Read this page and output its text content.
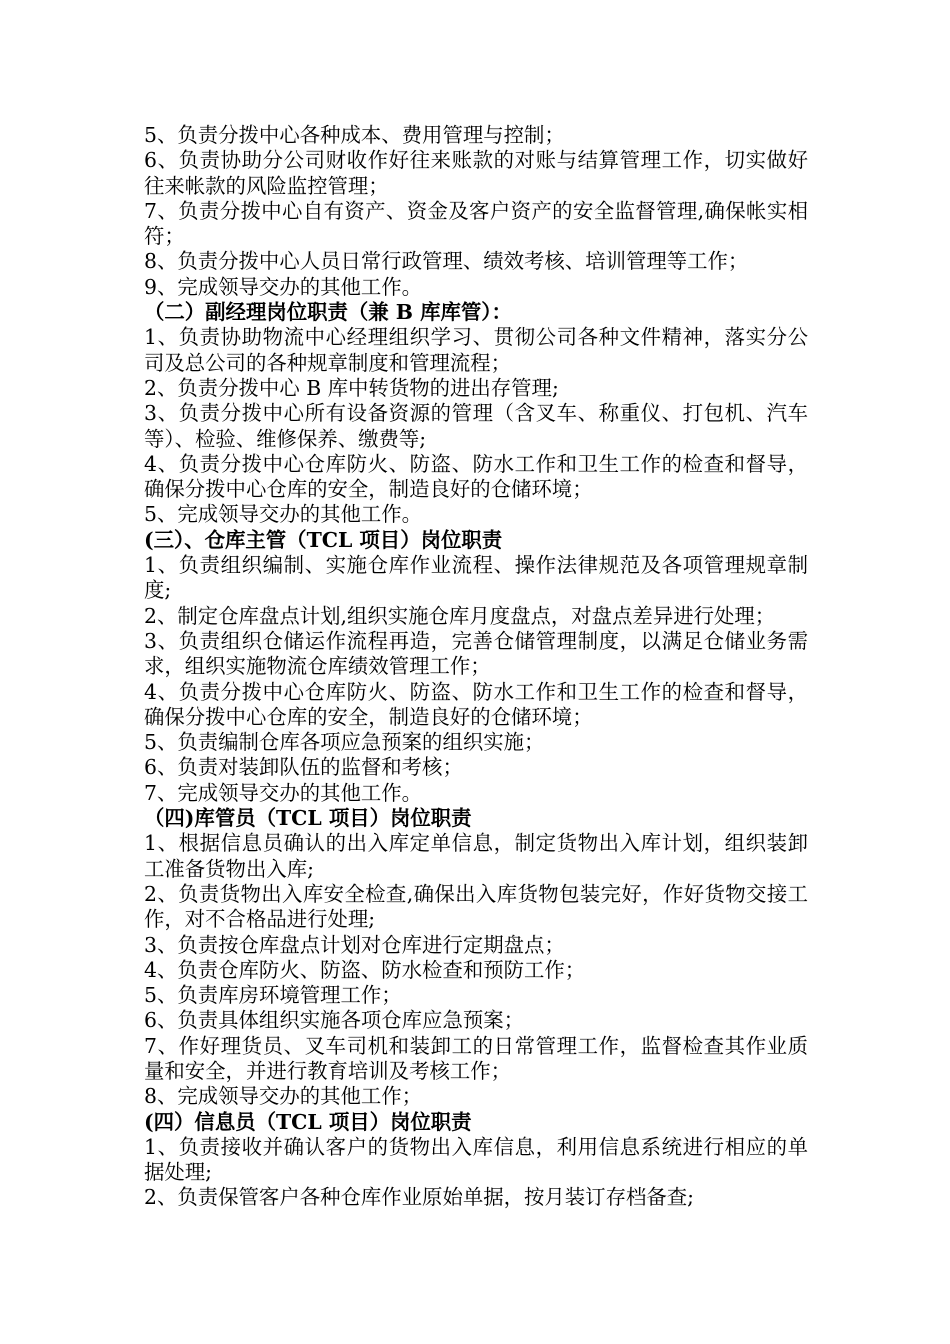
5、负责分拨中心各种成本、费用管理与控制；

6、负责协助分公司财收作好往来账款的对账与结算管理工作，切实做好往来帐款的风险监控管理；

7、负责分拨中心自有资产、资金及客户资产的安全监督管理,确保帐实相符；

8、负责分拨中心人员日常行政管理、绩效考核、培训管理等工作；

9、完成领导交办的其他工作。

（二）副经理岗位职责（兼 B 库库管）：

1、负责协助物流中心经理组织学习、贯彻公司各种文件精神，落实分公司及总公司的各种规章制度和管理流程；

2、负责分拨中心 B 库中转货物的进出存管理;

3、负责分拨中心所有设备资源的管理（含叉车、称重仪、打包机、汽车等）、检验、维修保养、缴费等;

4、负责分拨中心仓库防火、防盗、防水工作和卫生工作的检查和督导，确保分拨中心仓库的安全，制造良好的仓储环境；

5、完成领导交办的其他工作。

(三）、仓库主管（TCL 项目）岗位职责

1、负责组织编制、实施仓库作业流程、操作法律规范及各项管理规章制度;

2、制定仓库盘点计划,组织实施仓库月度盘点，对盘点差异进行处理；

3、负责组织仓储运作流程再造，完善仓储管理制度，以满足仓储业务需求，组织实施物流仓库绩效管理工作；

4、负责分拨中心仓库防火、防盗、防水工作和卫生工作的检查和督导，确保分拨中心仓库的安全，制造良好的仓储环境；

5、负责编制仓库各项应急预案的组织实施；

6、负责对装卸队伍的监督和考核；

7、完成领导交办的其他工作。

（四)库管员（TCL 项目）岗位职责

1、根据信息员确认的出入库定单信息，制定货物出入库计划，组织装卸工准备货物出入库;

2、负责货物出入库安全检查,确保出入库货物包装完好，作好货物交接工作，对不合格品进行处理;

3、负责按仓库盘点计划对仓库进行定期盘点；

4、负责仓库防火、防盗、防水检查和预防工作；

5、负责库房环境管理工作；

6、负责具体组织实施各项仓库应急预案；

7、作好理货员、叉车司机和装卸工的日常管理工作，监督检查其作业质量和安全，并进行教育培训及考核工作；

8、完成领导交办的其他工作；

(四）信息员（TCL 项目）岗位职责

1、负责接收并确认客户的货物出入库信息，利用信息系统进行相应的单据处理;

2、负责保管客户各种仓库作业原始单据，按月装订存档备查;
